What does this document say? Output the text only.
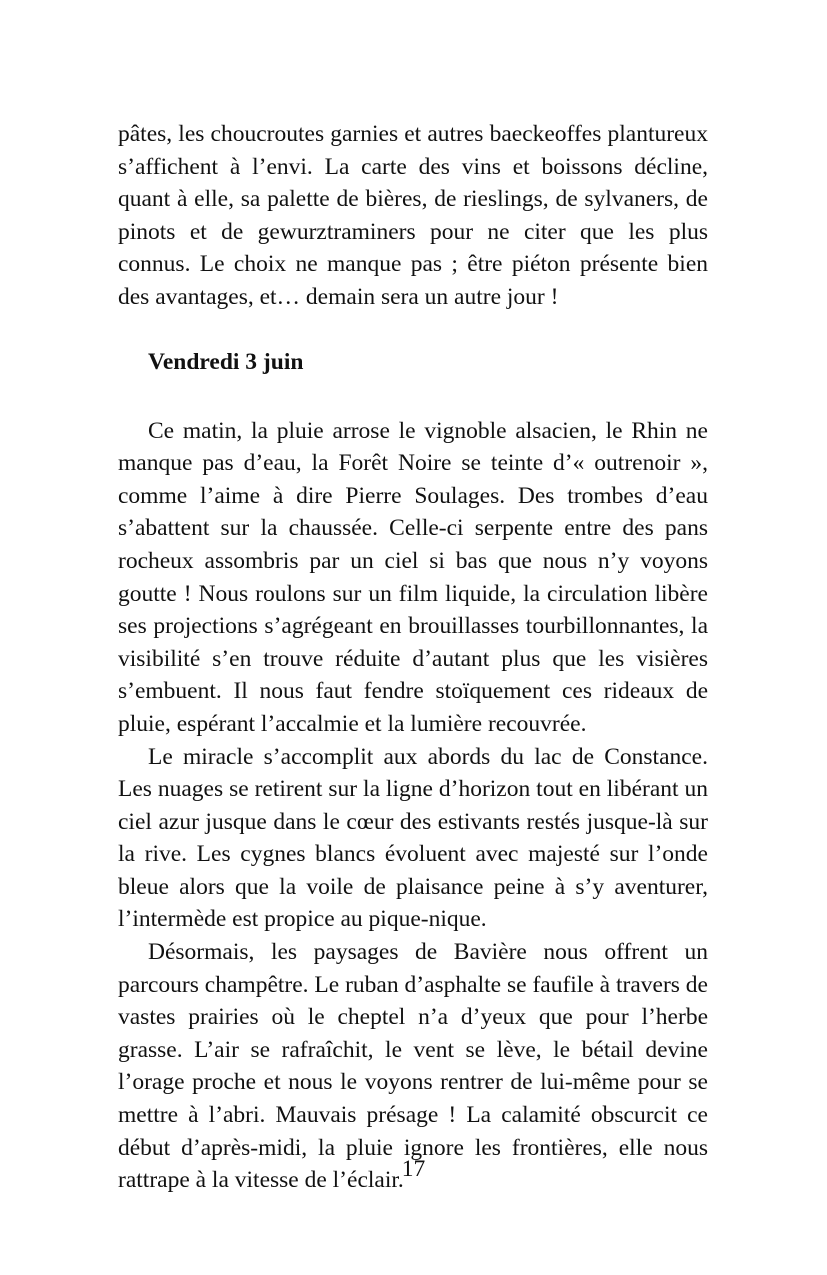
pâtes, les choucroutes garnies et autres baeckeoffes plantureux s’affichent à l’envi. La carte des vins et boissons décline, quant à elle, sa palette de bières, de rieslings, de sylvaners, de pinots et de gewurztraminers pour ne citer que les plus connus. Le choix ne manque pas ; être piéton présente bien des avantages, et… demain sera un autre jour !

Vendredi 3 juin

Ce matin, la pluie arrose le vignoble alsacien, le Rhin ne manque pas d’eau, la Forêt Noire se teinte d’« outrenoir », comme l’aime à dire Pierre Soulages. Des trombes d’eau s’abattent sur la chaussée. Celle-ci serpente entre des pans rocheux assombris par un ciel si bas que nous n’y voyons goutte ! Nous roulons sur un film liquide, la circulation libère ses projections s’agrégeant en brouillasses tourbillonnantes, la visibilité s’en trouve réduite d’autant plus que les visières s’embuent. Il nous faut fendre stoïquement ces rideaux de pluie, espérant l’accalmie et la lumière recouvrée.

Le miracle s’accomplit aux abords du lac de Constance. Les nuages se retirent sur la ligne d’horizon tout en libérant un ciel azur jusque dans le cœur des estivants restés jusque-là sur la rive. Les cygnes blancs évoluent avec majesté sur l’onde bleue alors que la voile de plaisance peine à s’y aventurer, l’intermède est propice au pique-nique.

Désormais, les paysages de Bavière nous offrent un parcours champêtre. Le ruban d’asphalte se faufile à travers de vastes prairies où le cheptel n’a d’yeux que pour l’herbe grasse. L’air se rafraîchit, le vent se lève, le bétail devine l’orage proche et nous le voyons rentrer de lui-même pour se mettre à l’abri. Mauvais présage ! La calamité obscurcit ce début d’après-midi, la pluie ignore les frontières, elle nous rattrape à la vitesse de l’éclair.

17
